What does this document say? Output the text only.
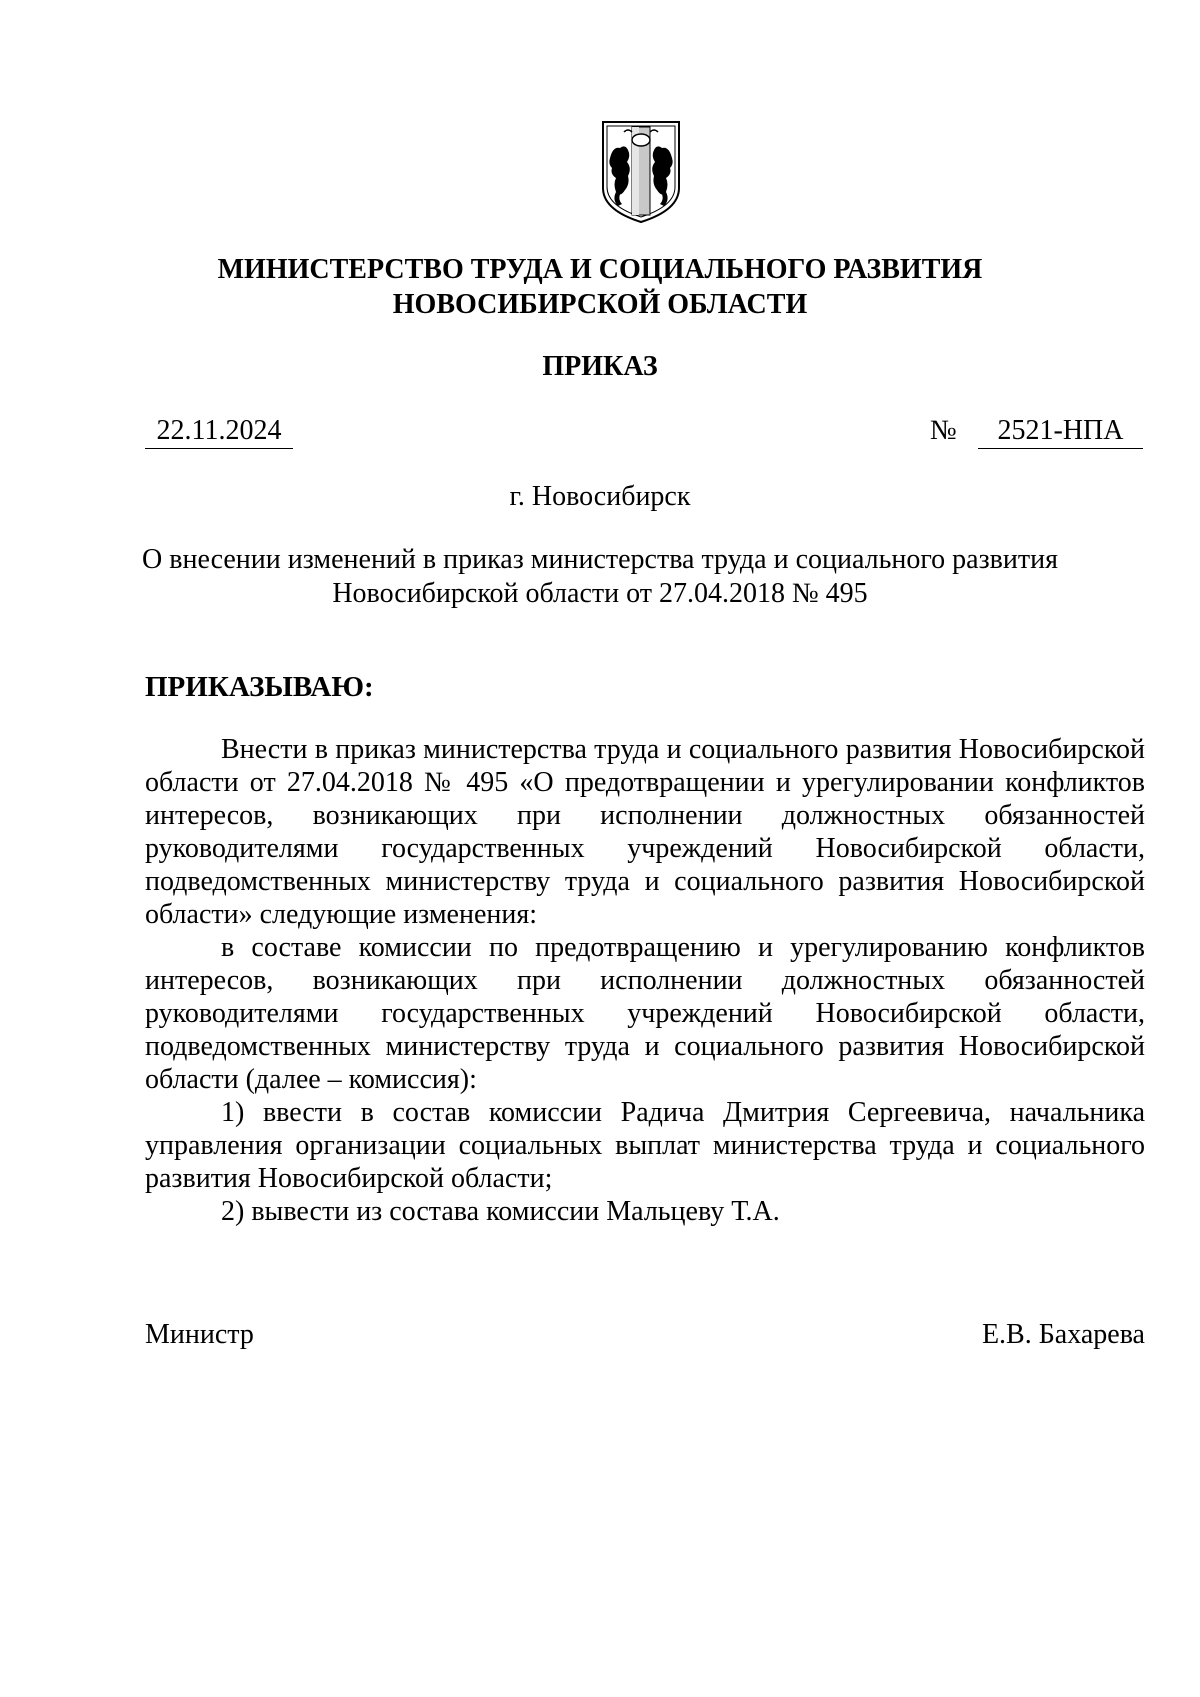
МИНИСТЕРСТВО ТРУДА И СОЦИАЛЬНОГО РАЗВИТИЯ
НОВОСИБИРСКОЙ ОБЛАСТИ
ПРИКАЗ
22.11.2024	№	2521-НПА
г. Новосибирск
О внесении изменений в приказ министерства труда и социального развития
Новосибирской области от 27.04.2018 № 495
ПРИКАЗЫВАЮ:

Внести в приказ министерства труда и социального развития Новосибирской области от 27.04.2018 № 495 «О предотвращении и урегулировании конфликтов интересов, возникающих при исполнении должностных обязанностей руководителями государственных учреждений Новосибирской области, подведомственных министерству труда и социального развития Новосибирской области» следующие изменения:

в составе комиссии по предотвращению и урегулированию конфликтов интересов, возникающих при исполнении должностных обязанностей руководителями государственных учреждений Новосибирской области, подведомственных министерству труда и социального развития Новосибирской области (далее – комиссия):

1) ввести в состав комиссии Радича Дмитрия Сергеевича, начальника управления организации социальных выплат министерства труда и социального развития Новосибирской области;

2) вывести из состава комиссии Мальцеву Т.А.

Министр	Е.В. Бахарева
